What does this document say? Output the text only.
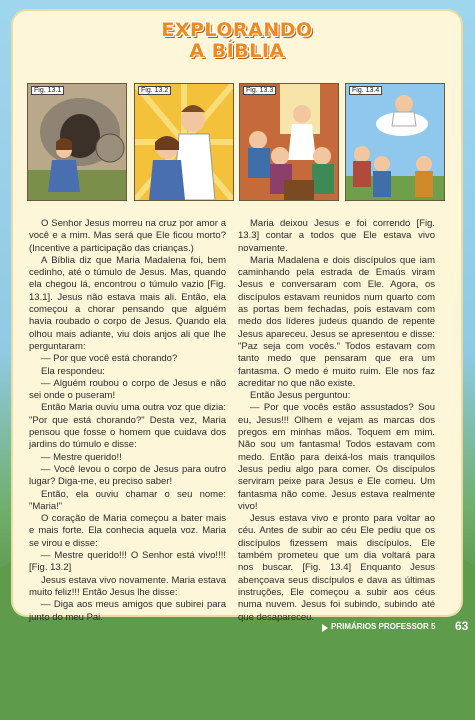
EXPLORANDO
A BÍBLIA
Fig. 13.1	Fig. 13.2	Fig. 13.3	Fig. 13.4

O Senhor Jesus morreu na cruz por amor a você e a mim. Mas será que Ele ficou morto? (Incentive a participação das crianças.)

A Bíblia diz que Maria Madalena foi, bem cedinho, até o túmulo de Jesus. Mas, quando ela chegou lá, encontrou o túmulo vazio [Fig. 13.1]. Jesus não estava mais ali. Então, ela começou a chorar pensando que alguém havia roubado o corpo de Jesus. Quando ela olhou mais adiante, viu dois anjos ali que lhe perguntaram:

— Por que você está chorando?

Ela respondeu:

— Alguém roubou o corpo de Jesus e não sei onde o puseram!

Então Maria ouviu uma outra voz que dizia: "Por que está chorando?" Desta vez, Maria pensou que fosse o homem que cuidava dos jardins do túmulo e disse:

— Mestre querido!!

— Você levou o corpo de Jesus para outro lugar? Diga-me, eu preciso saber!

Então, ela ouviu chamar o seu nome: "Maria!"

O coração de Maria começou a bater mais e mais forte. Ela conhecia aquela voz. Maria se virou e disse:

— Mestre querido!!! O Senhor está vivo!!!! [Fig. 13.2]

Jesus estava vivo novamente. Maria estava muito feliz!!! Então Jesus lhe disse:

— Diga aos meus amigos que subirei para junto do meu Pai.

Maria deixou Jesus e foi correndo [Fig. 13.3] contar a todos que Ele estava vivo novamente.

Maria Madalena e dois discípulos que iam caminhando pela estrada de Emaús viram Jesus e conversaram com Ele. Agora, os discípulos estavam reunidos num quarto com as portas bem fechadas, pois estavam com medo dos líderes judeus quando de repente Jesus apareceu. Jesus se apresentou e disse: "Paz seja com vocês." Todos estavam com tanto medo que pensaram que era um fantasma. O medo é muito ruim. Ele nos faz acreditar no que não existe.

Então Jesus perguntou:

— Por que vocês estão assustados? Sou eu, Jesus!!! Olhem e vejam as marcas dos pregos em minhas mãos. Toquem em mim. Não sou um fantasma! Todos estavam com medo. Então para deixá-los mais tranquilos Jesus pediu algo para comer. Os discípulos serviram peixe para Jesus e Ele comeu. Um fantasma não come. Jesus estava realmente vivo!

Jesus estava vivo e pronto para voltar ao céu. Antes de subir ao céu Ele pediu que os discípulos fizessem mais discípulos. Ele também prometeu que um dia voltará para nos buscar. [Fig. 13.4] Enquanto Jesus abençoava seus discípulos e dava as últimas instruções, Ele começou a subir aos céus numa nuvem. Jesus foi subindo, subindo até que desapareceu.

PRIMÁRIOS PROFESSOR 5 63
